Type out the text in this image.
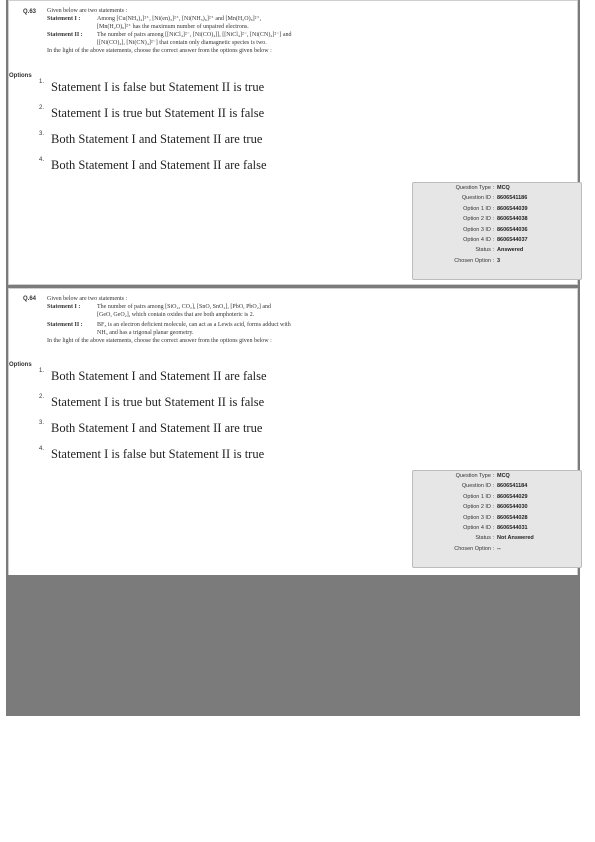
Q.63 Given below are two statements :
Statement I :	Among [Cu(NH₃)₄]²⁺, [Ni(en)₃]²⁺, [Ni(NH₃)₆]²⁺ and [Mn(H₂O)₆]²⁺,
[Mn(H₂O)₆]²⁺ has the maximum number of unpaired electrons.
Statement II :	The number of pairs among [[NiCl₄]²⁻, [Ni(CO)₄]], [[NiCl₄]²⁻, [Ni(CN)₄]²⁻] and
[[Ni(CO)₄], [Ni(CN)₄]²⁻] that contain only diamagnetic species is two.
In the light of the above statements, choose the correct answer from the options given below :
Options
1. Statement I is false but Statement II is true
2. Statement I is true but Statement II is false
3. Both Statement I and Statement II are true
4. Both Statement I and Statement II are false
Question Type : MCQ
Question ID : 8606541186
Option 1 ID : 8606544039
Option 2 ID : 8606544038
Option 3 ID : 8606544036
Option 4 ID : 8606544037
Status : Answered
Chosen Option : 3
Q.64 Given below are two statements :
Statement I :	The number of pairs among [SiO₂, CO₂], [SnO, SnO₂], [PbO, PbO₂] and
[GeO, GeO₂], which contain oxides that are both amphoteric is 2.
Statement II :	BF₃ is an electron deficient molecule, can act as a Lewis acid, forms adduct with
NH₃ and has a trigonal planar geometry.
In the light of the above statements, choose the correct answer from the options given below :
Options
1. Both Statement I and Statement II are false
2. Statement I is true but Statement II is false
3. Both Statement I and Statement II are true
4. Statement I is false but Statement II is true
Question Type : MCQ
Question ID : 8606541184
Option 1 ID : 8606544029
Option 2 ID : 8606544030
Option 3 ID : 8606544028
Option 4 ID : 8606544031
Status : Not Answered
Chosen Option : --
